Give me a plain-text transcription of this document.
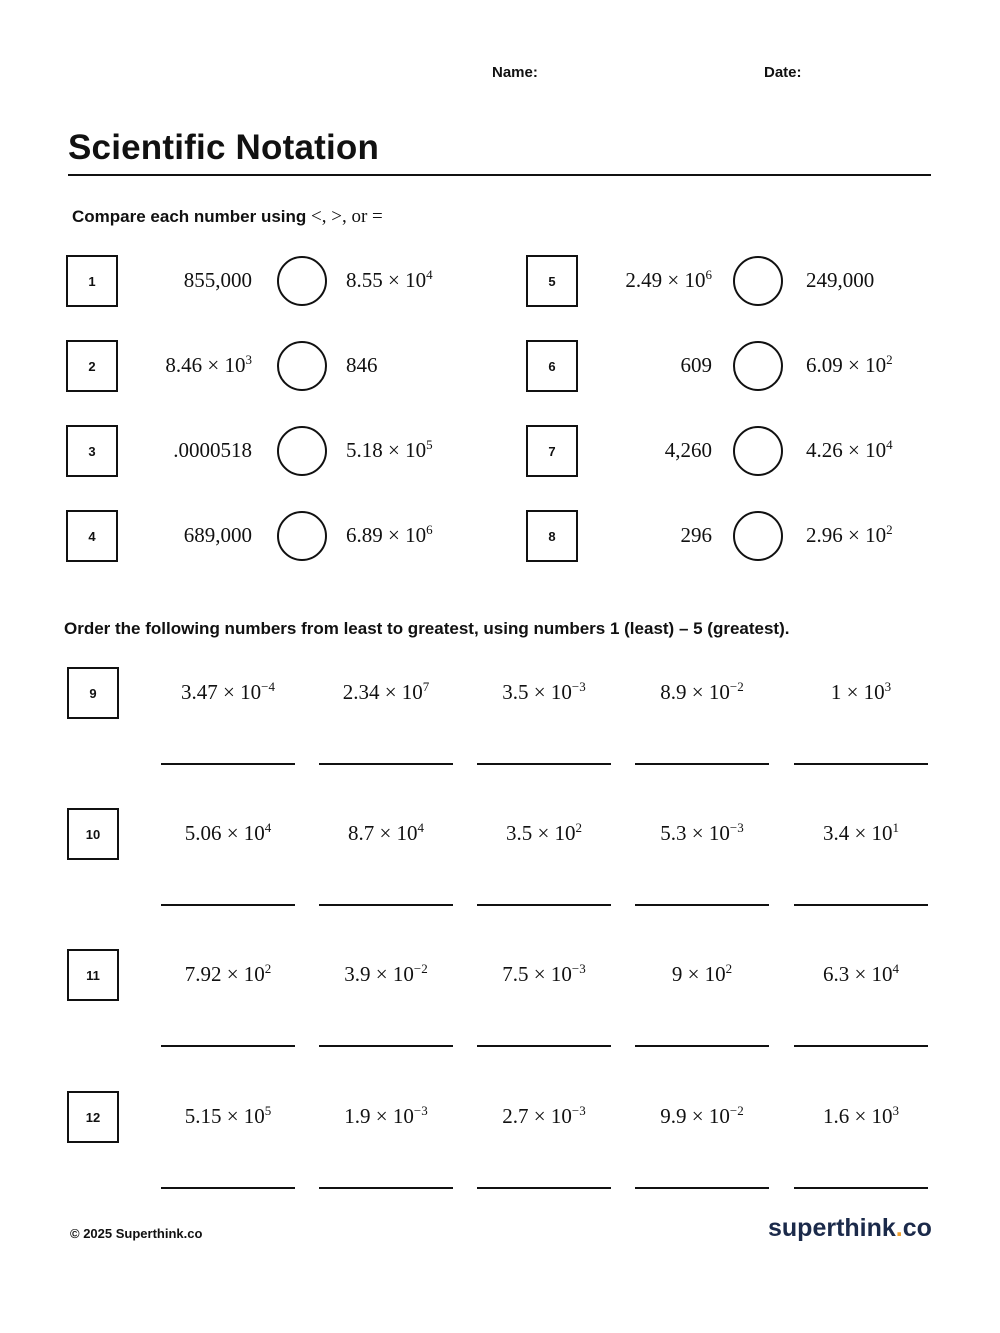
Name:	Date:
Scientific Notation
Compare each number using <, >, or =
1	855,000	$8.55 \times 10^4$
2	$8.46 \times 10^3$	846
3	.0000518	$5.18 \times 10^5$
4	689,000	$6.89 \times 10^6$
5	$2.49 \times 10^6$	249,000
6	609	$6.09 \times 10^2$
7	4,260	$4.26 \times 10^4$
8	296	$2.96 \times 10^2$
Order the following numbers from least to greatest, using numbers 1 (least) – 5 (greatest).
9	$3.47 \times 10^{-4}$	$2.34 \times 10^7$	$3.5 \times 10^{-3}$	$8.9 \times 10^{-2}$	$1 \times 10^3$
10	$5.06 \times 10^4$	$8.7 \times 10^4$	$3.5 \times 10^2$	$5.3 \times 10^{-3}$	$3.4 \times 10^1$
11	$7.92 \times 10^2$	$3.9 \times 10^{-2}$	$7.5 \times 10^{-3}$	$9 \times 10^2$	$6.3 \times 10^4$
12	$5.15 \times 10^5$	$1.9 \times 10^{-3}$	$2.7 \times 10^{-3}$	$9.9 \times 10^{-2}$	$1.6 \times 10^3$
© 2025 Superthink.co	superthink.co
